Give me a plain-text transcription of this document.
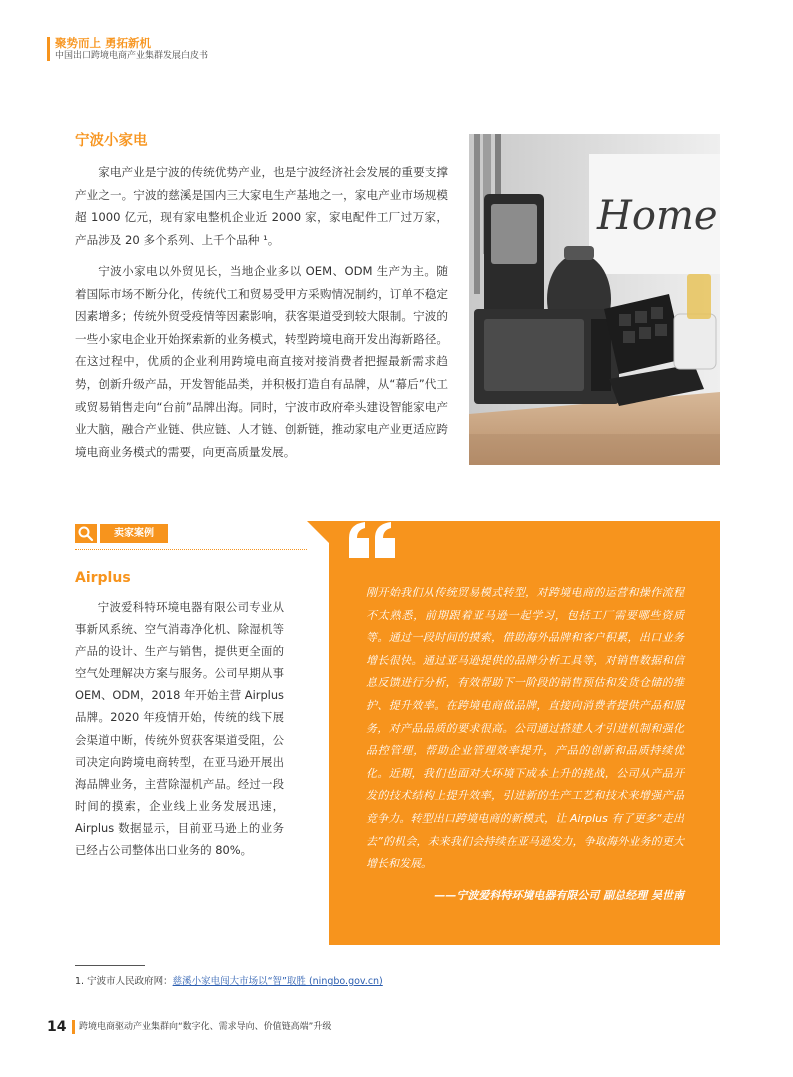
聚势而上 勇拓新机
中国出口跨境电商产业集群发展白皮书
宁波小家电

家电产业是宁波的传统优势产业，也是宁波经济社会发展的重要支撑产业之一。宁波的慈溪是国内三大家电生产基地之一，家电产业市场规模超 1000 亿元，现有家电整机企业近 2000 家，家电配件工厂过万家，产品涉及 20 多个系列、上千个品种 ¹。

宁波小家电以外贸见长，当地企业多以 OEM、ODM 生产为主。随着国际市场不断分化，传统代工和贸易受甲方采购情况制约，订单不稳定因素增多；传统外贸受疫情等因素影响，获客渠道受到较大限制。宁波的一些小家电企业开始探索新的业务模式，转型跨境电商开发出海新路径。在这过程中，优质的企业利用跨境电商直接对接消费者把握最新需求趋势，创新升级产品，开发智能品类，并积极打造自有品牌，从“幕后”代工或贸易销售走向“台前”品牌出海。同时，宁波市政府牵头建设智能家电产业大脑，融合产业链、供应链、人才链、创新链，推动家电产业更适应跨境电商业务模式的需要，向更高质量发展。

Home
卖家案例
Airplus

宁波爱科特环境电器有限公司专业从事新风系统、空气消毒净化机、除湿机等产品的设计、生产与销售，提供更全面的空气处理解决方案与服务。公司早期从事 OEM、ODM，2018 年开始主营 Airplus 品牌。2020 年疫情开始，传统的线下展会渠道中断，传统外贸获客渠道受阻，公司决定向跨境电商转型，在亚马逊开展出海品牌业务，主营除湿机产品。经过一段时间的摸索，企业线上业务发展迅速，Airplus 数据显示，目前亚马逊上的业务已经占公司整体出口业务的 80%。

刚开始我们从传统贸易模式转型，对跨境电商的运营和操作流程不太熟悉，前期跟着亚马逊一起学习，包括工厂需要哪些资质等。通过一段时间的摸索，借助海外品牌和客户积累，出口业务增长很快。通过亚马逊提供的品牌分析工具等，对销售数据和信息反馈进行分析，有效帮助下一阶段的销售预估和发货仓储的维护、提升效率。在跨境电商做品牌，直接向消费者提供产品和服务，对产品品质的要求很高。公司通过搭建人才引进机制和强化品控管理，帮助企业管理效率提升，产品的创新和品质持续优化。近期，我们也面对大环境下成本上升的挑战，公司从产品开发的技术结构上提升效率，引进新的生产工艺和技术来增强产品竞争力。转型出口跨境电商的新模式，让 Airplus 有了更多“走出去”的机会，未来我们会持续在亚马逊发力，争取海外业务的更大增长和发展。

——宁波爱科特环境电器有限公司 副总经理 吴世南
1. 宁波市人民政府网：慈溪小家电闯大市场以“智”取胜 (ningbo.gov.cn)
14 跨境电商驱动产业集群向“数字化、需求导向、价值链高端”升级
